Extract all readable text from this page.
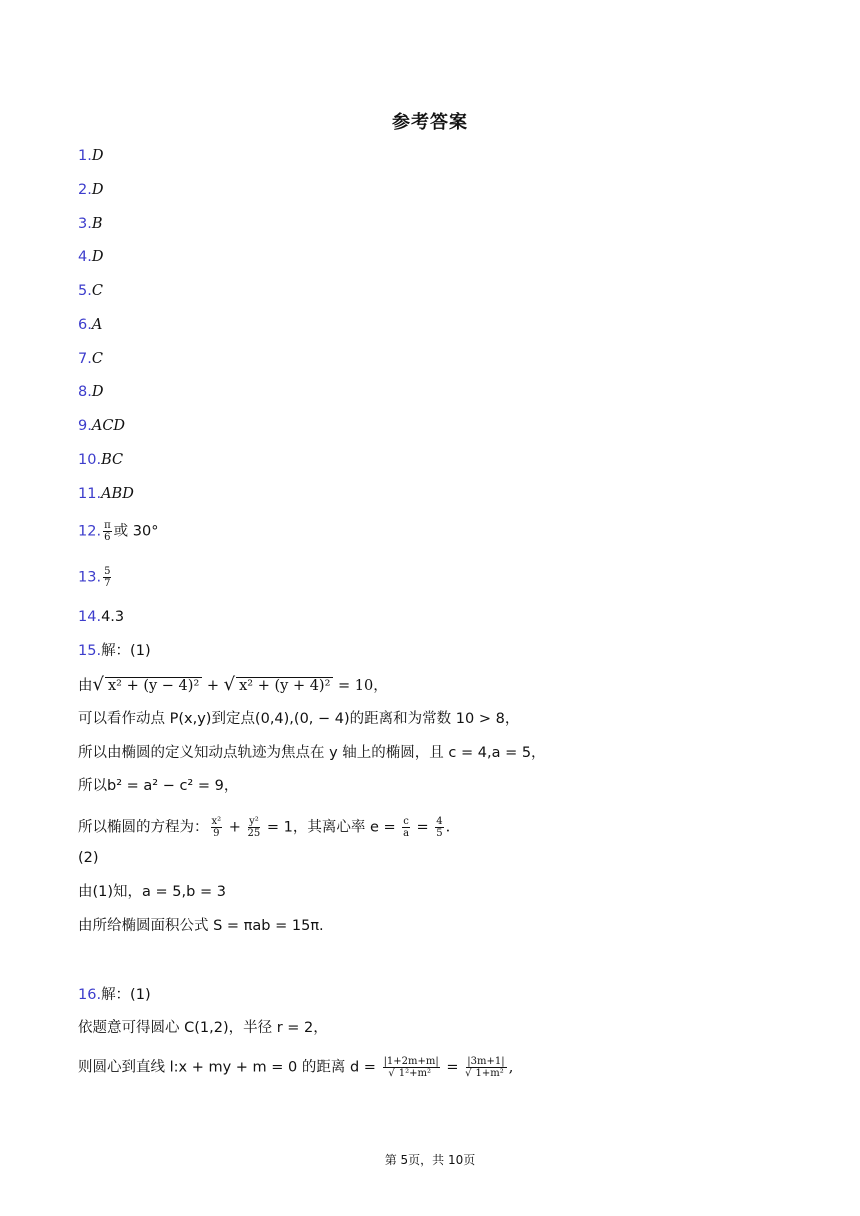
参考答案
1.D
2.D
3.B
4.D
5.C
6.A
7.C
8.D
9.ACD
10.BC
11.ABD
12. $\frac{\pi}{6}$ 或 30°
13. $\frac{5}{7}$
14.4.3
15.解：(1)
由√ x² + (y − 4)² + √ x² + (y + 4)² = 10，
可以看作动点 P(x,y)到定点(0,4),(0, − 4)的距离和为常数 10 > 8，
所以由椭圆的定义知动点轨迹为焦点在 y 轴上的椭圆，且 c = 4,a = 5，
所以b² = a² − c² = 9，
所以椭圆的方程为： $\frac{\text{x²}}{9} + \frac{\text{y²}}{25} = 1$，其离心率 $e = \frac{c}{a} = \frac{4}{5}$ .
(2)
由(1)知，a = 5,b = 3
由所给椭圆面积公式 S = πab = 15π.
16.解：(1)
依题意可得圆心 C(1,2)，半径 r = 2，
则圆心到直线 l:x + my + m = 0 的距离 $d = \frac{|1+2m+m|}{\text{√ 1²+m²}} = \frac{|3m+1|}{\text{√ 1+m²}}$ ,
第 5页，共 10页
